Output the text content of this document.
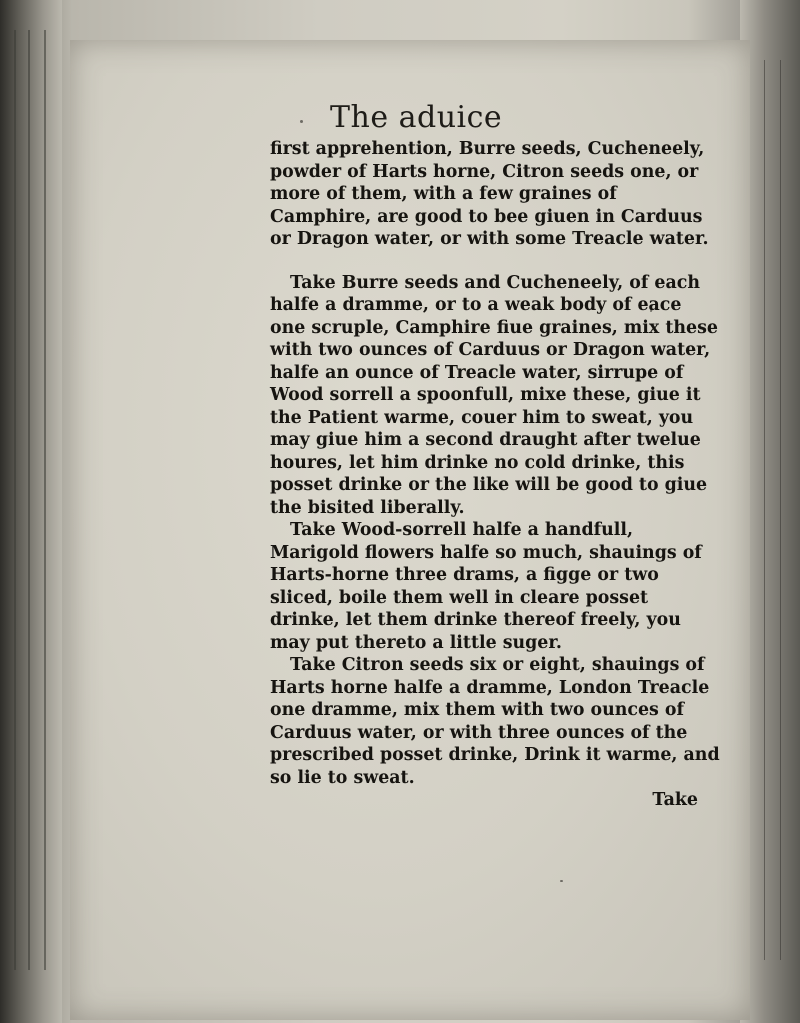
The aduice

first apprehention, Burre seeds, Cucheneely, powder of Harts horne, Citron seeds one, or more of them, with a few graines of Camphire, are good to bee giuen in Carduus or Dragon water, or with some Treacle water.

Take Burre seeds and Cucheneely, of each halfe a dramme, or to a weak body of eace one scruple, Camphire fiue graines, mix these with two ounces of Carduus or Dragon water, halfe an ounce of Treacle water, sirrupe of Wood sorrell a spoonfull, mixe these, giue it the Patient warme, couer him to sweat, you may giue him a second draught after twelue houres, let him drinke no cold drinke, this posset drinke or the like will be good to giue the bisited liberally.

Take Wood-sorrell halfe a handfull, Marigold flowers halfe so much, shauings of Harts-horne three drams, a figge or two sliced, boile them well in cleare posset drinke, let them drinke thereof freely, you may put thereto a little suger.

Take Citron seeds six or eight, shauings of Harts horne halfe a dramme, London Treacle one dramme, mix them with two ounces of Carduus water, or with three ounces of the prescribed posset drinke, Drink it warme, and so lie to sweat.

Take
